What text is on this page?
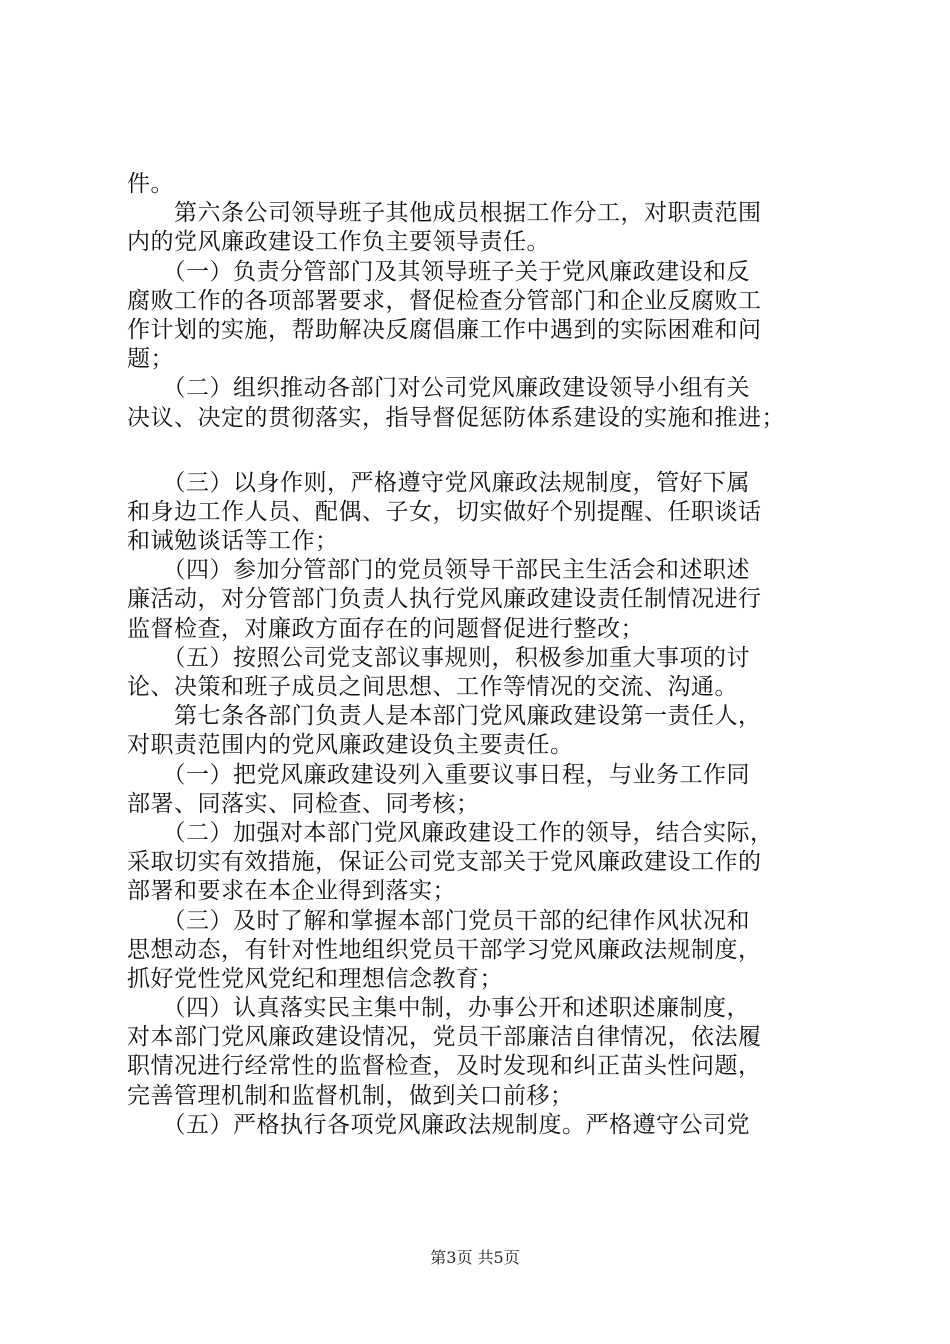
件。
　　第六条公司领导班子其他成员根据工作分工，对职责范围
内的党风廉政建设工作负主要领导责任。
　　（一）负责分管部门及其领导班子关于党风廉政建设和反
腐败工作的各项部署要求，督促检查分管部门和企业反腐败工
作计划的实施，帮助解决反腐倡廉工作中遇到的实际困难和问
题；
　　（二）组织推动各部门对公司党风廉政建设领导小组有关
决议、决定的贯彻落实，指导督促惩防体系建设的实施和推进；
　　（三）以身作则，严格遵守党风廉政法规制度，管好下属
和身边工作人员、配偶、子女，切实做好个别提醒、任职谈话
和诫勉谈话等工作；
　　（四）参加分管部门的党员领导干部民主生活会和述职述
廉活动，对分管部门负责人执行党风廉政建设责任制情况进行
监督检查，对廉政方面存在的问题督促进行整改；
　　（五）按照公司党支部议事规则，积极参加重大事项的讨
论、决策和班子成员之间思想、工作等情况的交流、沟通。
　　第七条各部门负责人是本部门党风廉政建设第一责任人，
对职责范围内的党风廉政建设负主要责任。
　　（一）把党风廉政建设列入重要议事日程，与业务工作同
部署、同落实、同检查、同考核；
　　（二）加强对本部门党风廉政建设工作的领导，结合实际，
采取切实有效措施，保证公司党支部关于党风廉政建设工作的
部署和要求在本企业得到落实；
　　（三）及时了解和掌握本部门党员干部的纪律作风状况和
思想动态，有针对性地组织党员干部学习党风廉政法规制度，
抓好党性党风党纪和理想信念教育；
　　（四）认真落实民主集中制，办事公开和述职述廉制度，
对本部门党风廉政建设情况，党员干部廉洁自律情况，依法履
职情况进行经常性的监督检查，及时发现和纠正苗头性问题，
完善管理机制和监督机制，做到关口前移；
　　（五）严格执行各项党风廉政法规制度。严格遵守公司党
第3页 共5页
